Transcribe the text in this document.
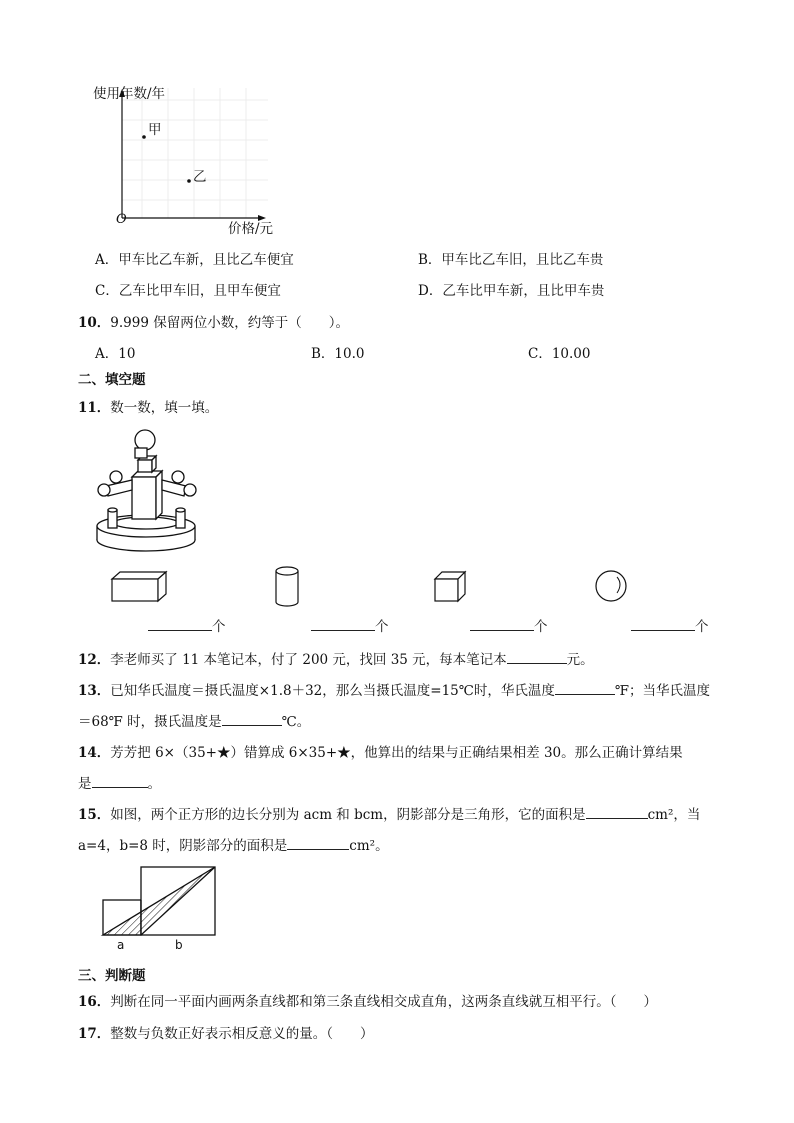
使用年数/年
O
价格/元
甲
乙
A．甲车比乙车新，且比乙车便宜	B．甲车比乙车旧，且比乙车贵
C．乙车比甲车旧，且甲车便宜	D．乙车比甲车新，且比甲车贵
10．9.999 保留两位小数，约等于（　　）。
A．10	B．10.0	C．10.00
二、填空题
11．数一数，填一填。
个	个	个	个
12．李老师买了 11 本笔记本，付了 200 元，找回 35 元，每本笔记本	元。
13．已知华氏温度＝摄氏温度×1.8＋32，那么当摄氏温度=15℃时，华氏温度	℉；当华氏温度
＝68℉ 时，摄氏温度是	℃。
14．芳芳把 6×（35+★）错算成 6×35+★，他算出的结果与正确结果相差 30。那么正确计算结果
是	。
15．如图，两个正方形的边长分别为 acm 和 bcm，阴影部分是三角形，它的面积是	cm²，当
a=4，b=8 时，阴影部分的面积是	cm²。
a	b
三、判断题
16．判断在同一平面内画两条直线都和第三条直线相交成直角，这两条直线就互相平行。（　　）
17．整数与负数正好表示相反意义的量。（　　）
